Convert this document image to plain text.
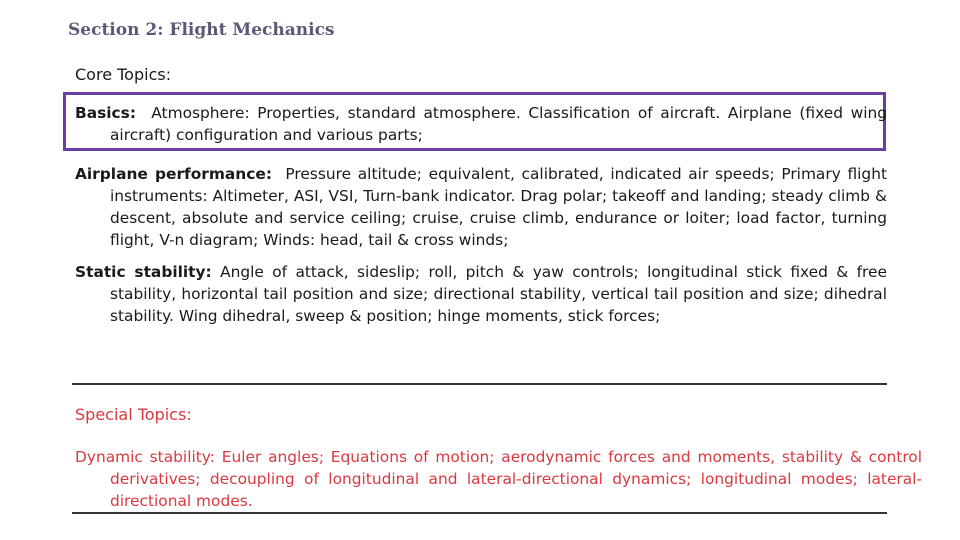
Section 2: Flight Mechanics

Core Topics:

Basics: Atmosphere: Properties, standard atmosphere. Classification of aircraft. Airplane (fixed wing aircraft) configuration and various parts;

Airplane performance: Pressure altitude; equivalent, calibrated, indicated air speeds; Primary flight instruments: Altimeter, ASI, VSI, Turn-bank indicator. Drag polar; takeoff and landing; steady climb & descent, absolute and service ceiling; cruise, cruise climb, endurance or loiter; load factor, turning flight, V-n diagram; Winds: head, tail & cross winds;

Static stability: Angle of attack, sideslip; roll, pitch & yaw controls; longitudinal stick fixed & free stability, horizontal tail position and size; directional stability, vertical tail position and size; dihedral stability. Wing dihedral, sweep & position; hinge moments, stick forces;

Special Topics:

Dynamic stability: Euler angles; Equations of motion; aerodynamic forces and moments, stability & control derivatives; decoupling of longitudinal and lateral-directional dynamics; longitudinal modes; lateral-directional modes.
